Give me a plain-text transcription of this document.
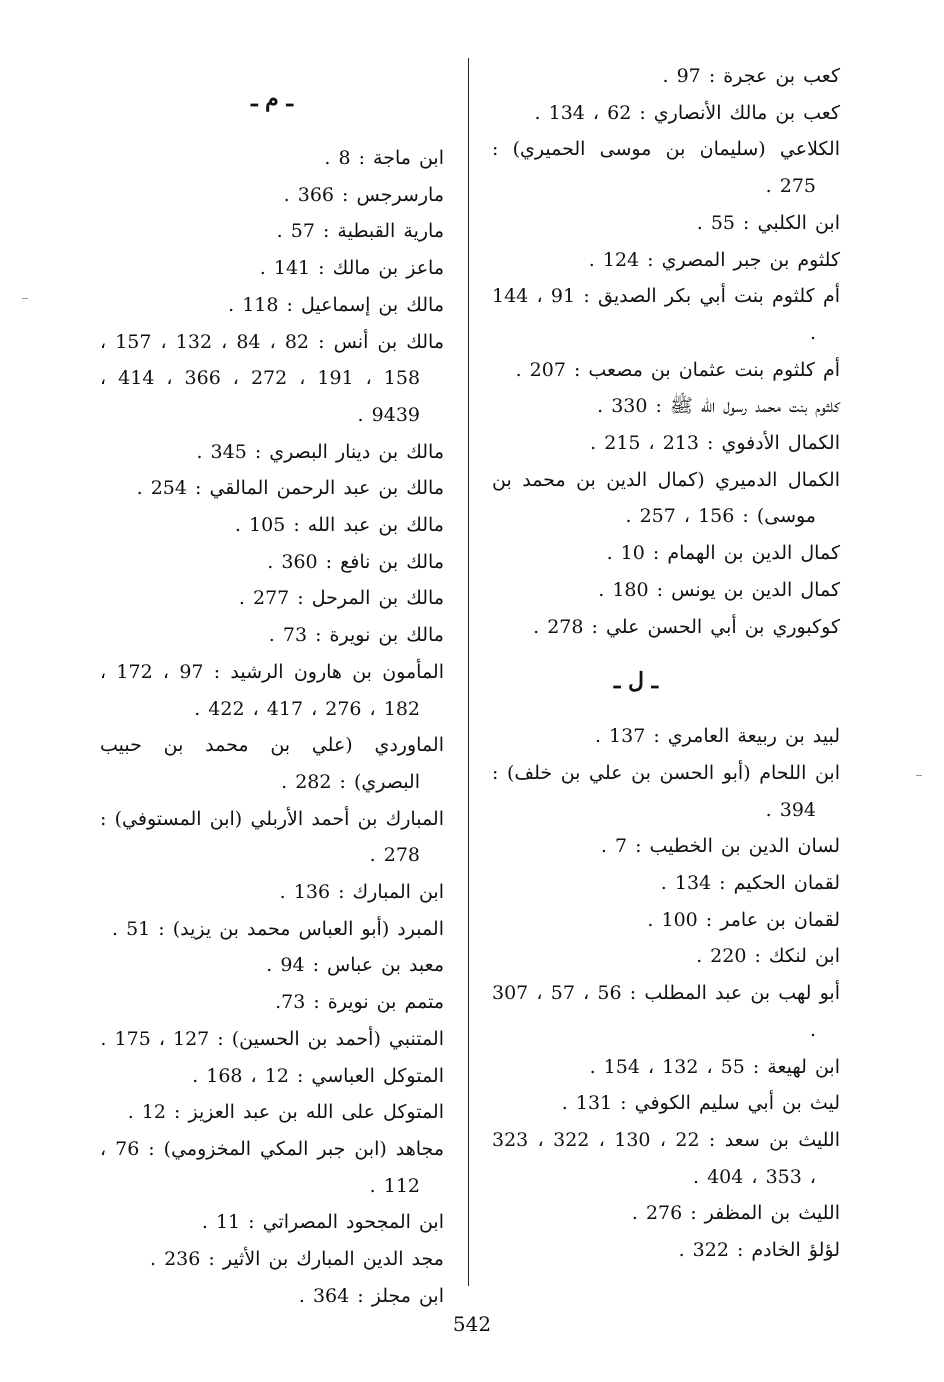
كعب بن عجرة : 97 .
كعب بن مالك الأنصاري : 62 ، 134 .
الكلاعي (سليمان بن موسى الحميري) : 275 .
ابن الكلبي : 55 .
كلثوم بن جبر المصري : 124 .
أم كلثوم بنت أبي بكر الصديق : 91 ، 144 .
أم كلثوم بنت عثمان بن مصعب : 207 .
كلثوم بنت محمد رسول الله ﷺ : 330 .
الكمال الأدفوي : 213 ، 215 .
الكمال الدميري (كمال الدين بن محمد بن موسى) : 156 ، 257 .
كمال الدين بن الهمام : 10 .
كمال الدين بن يونس : 180 .
كوكبوري بن أبي الحسن علي : 278 .
ـ ل ـ
لبيد بن ربيعة العامري : 137 .
ابن اللحام (أبو الحسن بن علي بن خلف) : 394 .
لسان الدين بن الخطيب : 7 .
لقمان الحكيم : 134 .
لقمان بن عامر : 100 .
ابن لنكك : 220 .
أبو لهب بن عبد المطلب : 56 ، 57 ، 307 .
ابن لهيعة : 55 ، 132 ، 154 .
ليث بن أبي سليم الكوفي : 131 .
الليث بن سعد : 22 ، 130 ، 322 ، 323 ، 353 ، 404 .
الليث بن المظفر : 276 .
لؤلؤ الخادم : 322 .
ـ م ـ
ابن ماجة : 8 .
مارسرجس : 366 .
مارية القبطية : 57 .
ماعز بن مالك : 141 .
مالك بن إسماعيل : 118 .
مالك بن أنس : 82 ، 84 ، 132 ، 157 ، 158 ، 191 ، 272 ، 366 ، 414 ، 9439 .
مالك بن دينار البصري : 345 .
مالك بن عبد الرحمن المالقي : 254 .
مالك بن عبد الله : 105 .
مالك بن نافع : 360 .
مالك بن المرحل : 277 .
مالك بن نويرة : 73 .
المأمون بن هارون الرشيد : 97 ، 172 ، 182 ، 276 ، 417 ، 422 .
الماوردي (علي بن محمد بن حبيب البصري) : 282 .
المبارك بن أحمد الأربلي (ابن المستوفي) : 278 .
ابن المبارك : 136 .
المبرد (أبو العباس محمد بن يزيد) : 51 .
معبد بن عباس : 94 .
متمم بن نويرة : 73.
المتنبي (أحمد بن الحسين) : 127 ، 175 .
المتوكل العباسي : 12 ، 168 .
المتوكل على الله بن عبد العزيز : 12 .
مجاهد (ابن جبر المكي المخزومي) : 76 ، 112 .
ابن المجحود المصراتي : 11 .
مجد الدين المبارك بن الأثير : 236 .
ابن مجلز : 364 .
542
